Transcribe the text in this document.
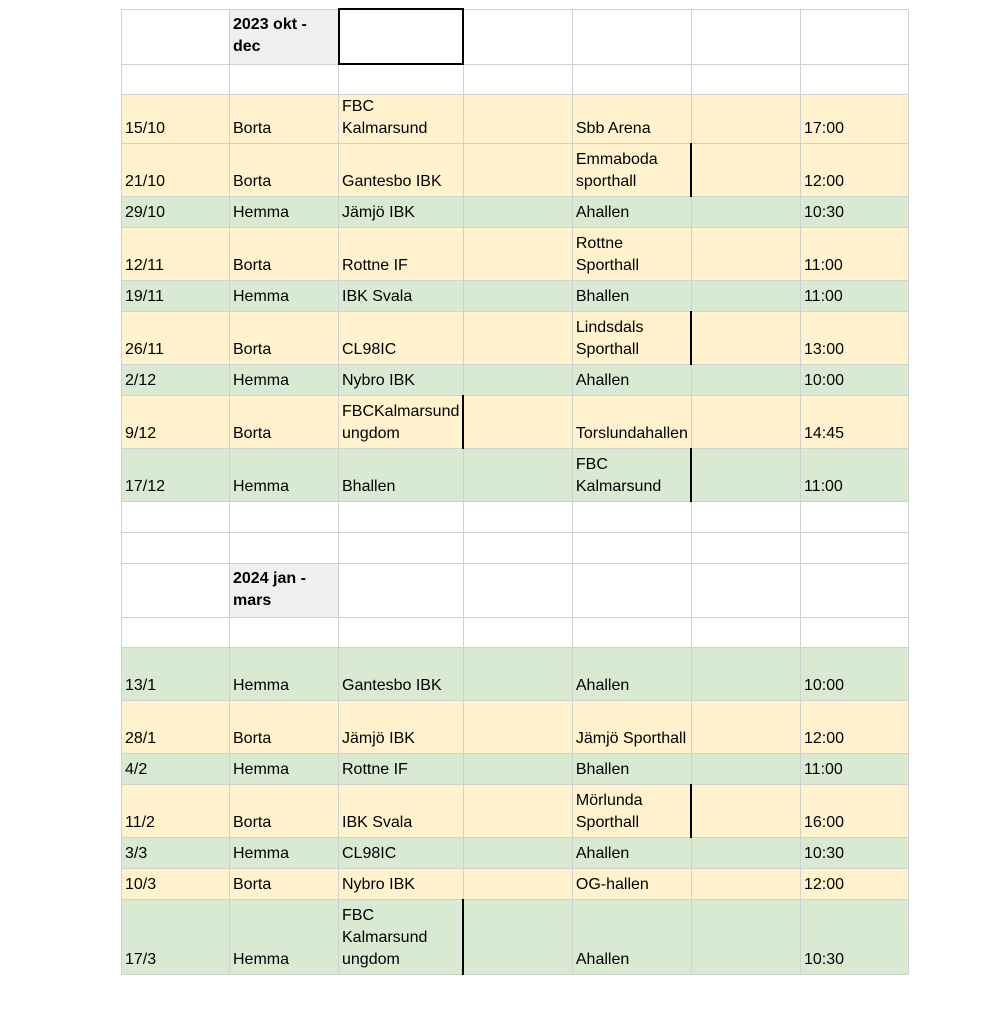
	2023 okt - dec					

15/10	Borta	FBC Kalmarsund		Sbb Arena		17:00
21/10	Borta	Gantesbo IBK		Emmaboda sporthall		12:00
29/10	Hemma	Jämjö IBK		Ahallen		10:30
12/11	Borta	Rottne IF		Rottne Sporthall		11:00
19/11	Hemma	IBK Svala		Bhallen		11:00
26/11	Borta	CL98IC		Lindsdals Sporthall		13:00
2/12	Hemma	Nybro IBK		Ahallen		10:00
9/12	Borta	FBCKalmarsund ungdom		Torslundahallen		14:45
17/12	Hemma	Bhallen		FBC Kalmarsund		11:00

	2024 jan - mars					

13/1	Hemma	Gantesbo IBK		Ahallen		10:00
28/1	Borta	Jämjö IBK		Jämjö Sporthall		12:00
4/2	Hemma	Rottne IF		Bhallen		11:00
11/2	Borta	IBK Svala		Mörlunda Sporthall		16:00
3/3	Hemma	CL98IC		Ahallen		10:30
10/3	Borta	Nybro IBK		OG-hallen		12:00
17/3	Hemma	FBC Kalmarsund ungdom		Ahallen		10:30
